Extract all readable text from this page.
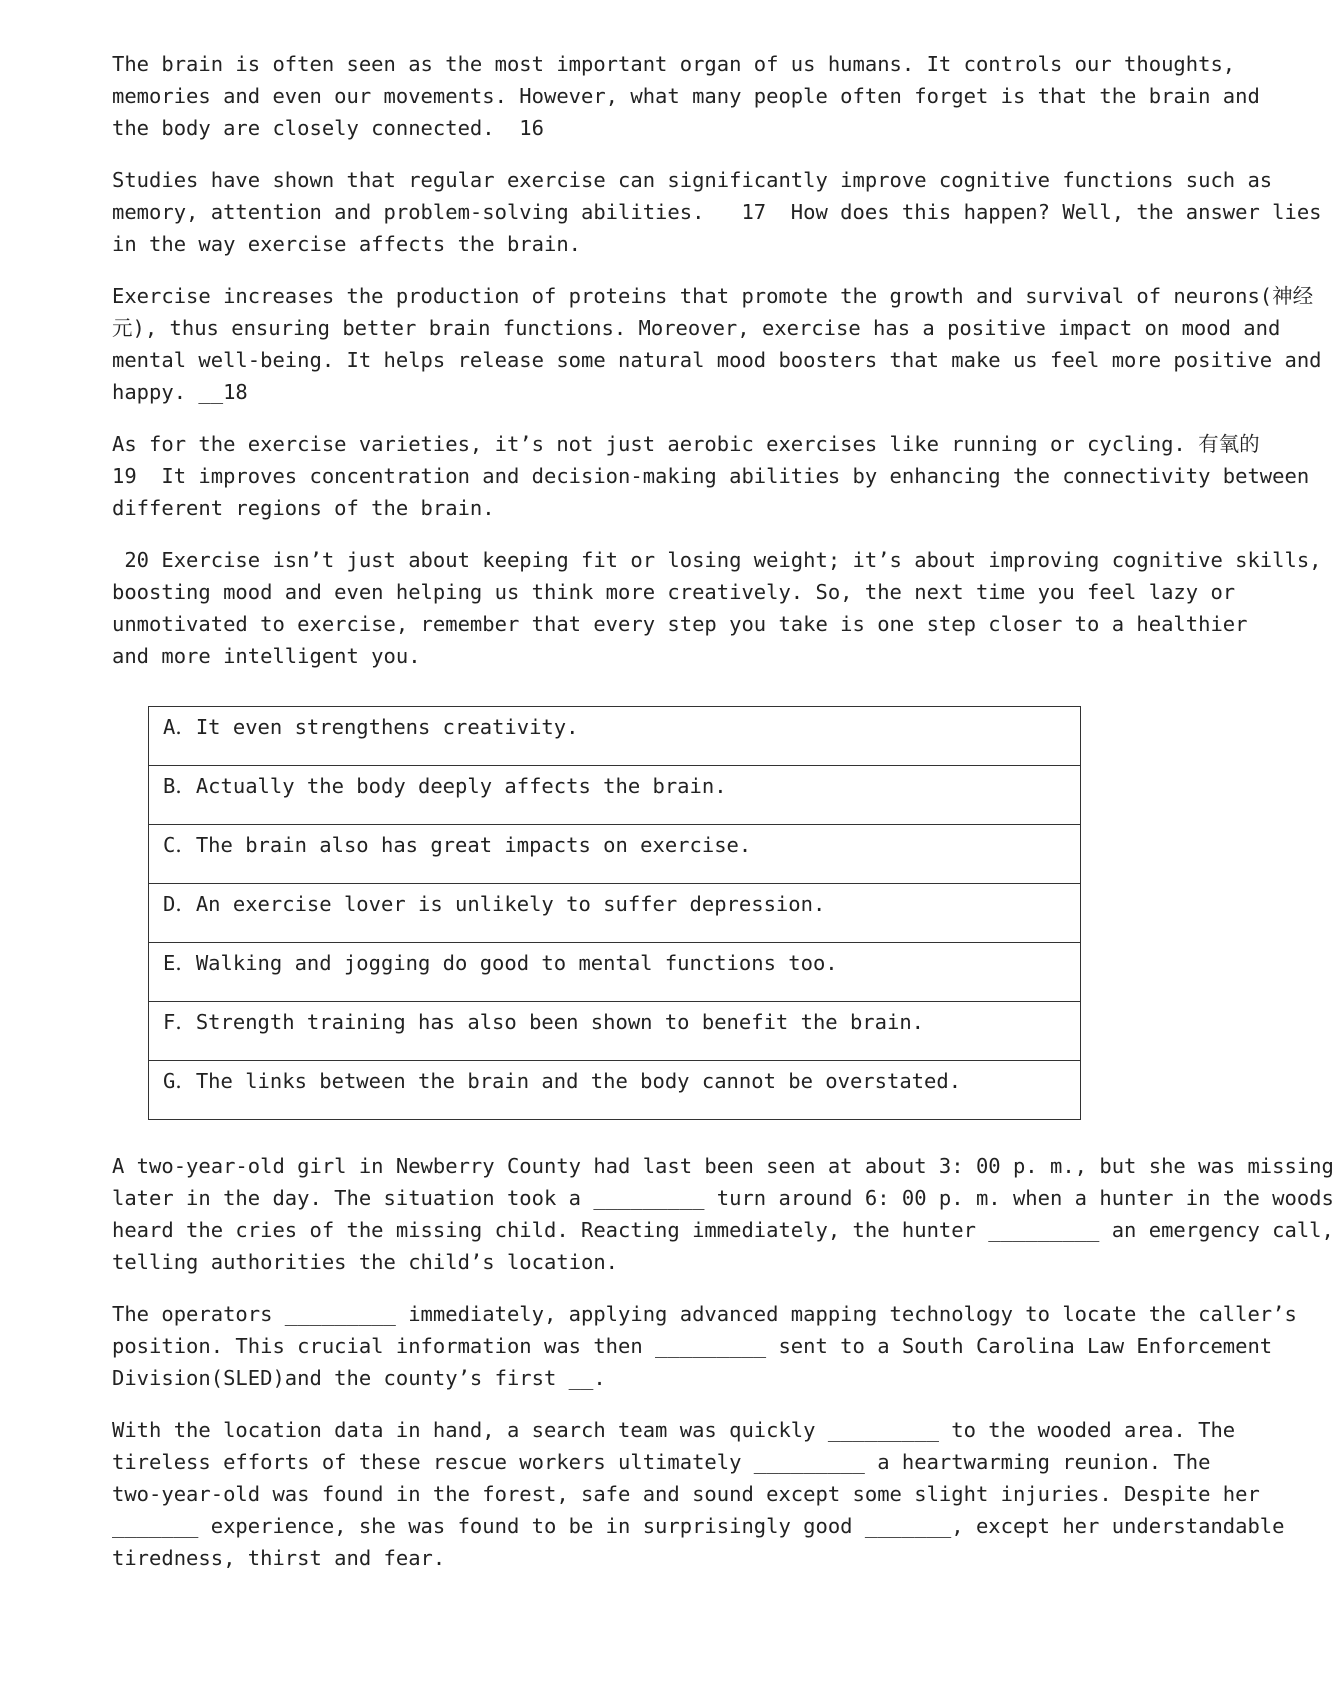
The brain is often seen as the most important organ of us humans. It controls our thoughts,
memories and even our movements. However, what many people often forget is that the brain and
the body are closely connected.  16
Studies have shown that regular exercise can significantly improve cognitive functions such as
memory, attention and problem-solving abilities.   17  How does this happen? Well, the answer lies
in the way exercise affects the brain.
Exercise increases the production of proteins that promote the growth and survival of neurons(神经
元), thus ensuring better brain functions. Moreover, exercise has a positive impact on mood and
mental well-being. It helps release some natural mood boosters that make us feel more positive and
happy. __18
As for the exercise varieties, it’s not just aerobic exercises like running or cycling. 有氧的
19  It improves concentration and decision-making abilities by enhancing the connectivity between
different regions of the brain.
20 Exercise isn’t just about keeping fit or losing weight; it’s about improving cognitive skills,
boosting mood and even helping us think more creatively. So, the next time you feel lazy or
unmotivated to exercise, remember that every step you take is one step closer to a healthier
and more intelligent you.
A．It even strengthens creativity.
B．Actually the body deeply affects the brain.
C．The brain also has great impacts on exercise.
D．An exercise lover is unlikely to suffer depression.
E．Walking and jogging do good to mental functions too.
F．Strength training has also been shown to benefit the brain.
G．The links between the brain and the body cannot be overstated.
A two-year-old girl in Newberry County had last been seen at about 3: 00 p. m., but she was missing
later in the day. The situation took a _________ turn around 6: 00 p. m. when a hunter in the woods
heard the cries of the missing child. Reacting immediately, the hunter _________ an emergency call,
telling authorities the child’s location.
The operators _________ immediately, applying advanced mapping technology to locate the caller’s
position. This crucial information was then _________ sent to a South Carolina Law Enforcement
Division(SLED)and the county’s first __.
With the location data in hand, a search team was quickly _________ to the wooded area. The
tireless efforts of these rescue workers ultimately _________ a heartwarming reunion. The
two-year-old was found in the forest, safe and sound except some slight injuries. Despite her
_______ experience, she was found to be in surprisingly good _______, except her understandable
tiredness, thirst and fear.
